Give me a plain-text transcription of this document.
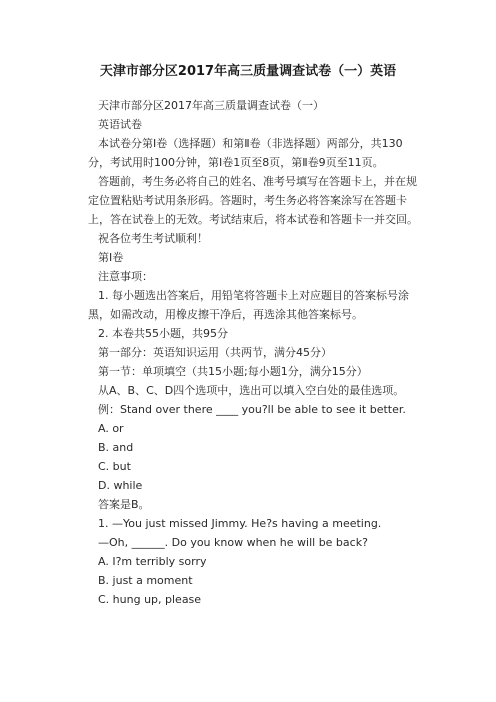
天津市部分区2017年高三质量调查试卷（一）英语

天津市部分区2017年高三质量调查试卷（一）

英语试卷

本试卷分第Ⅰ卷（选择题）和第Ⅱ卷（非选择题）两部分，共130分，考试用时100分钟，第Ⅰ卷1页至8页，第Ⅱ卷9页至11页。

答题前，考生务必将自己的姓名、准考号填写在答题卡上，并在规定位置粘贴考试用条形码。答题时，考生务必将答案涂写在答题卡上，答在试卷上的无效。考试结束后，将本试卷和答题卡一并交回。

祝各位考生考试顺利！

第Ⅰ卷

注意事项：

1. 每小题选出答案后，用铅笔将答题卡上对应题目的答案标号涂黑，如需改动，用橡皮擦干净后，再选涂其他答案标号。

2. 本卷共55小题，共95分

第一部分：英语知识运用（共两节，满分45分）

第一节：单项填空（共15小题;每小题1分，满分15分）

从A、B、C、D四个选项中，选出可以填入空白处的最佳选项。

例：Stand over there ____ you?ll be able to see it better.

A. or

B. and

C. but

D. while

答案是B。

1. —You just missed Jimmy. He?s having a meeting.

—Oh, ______. Do you know when he will be back?

A. I?m terribly sorry

B. just a moment

C. hung up, please
